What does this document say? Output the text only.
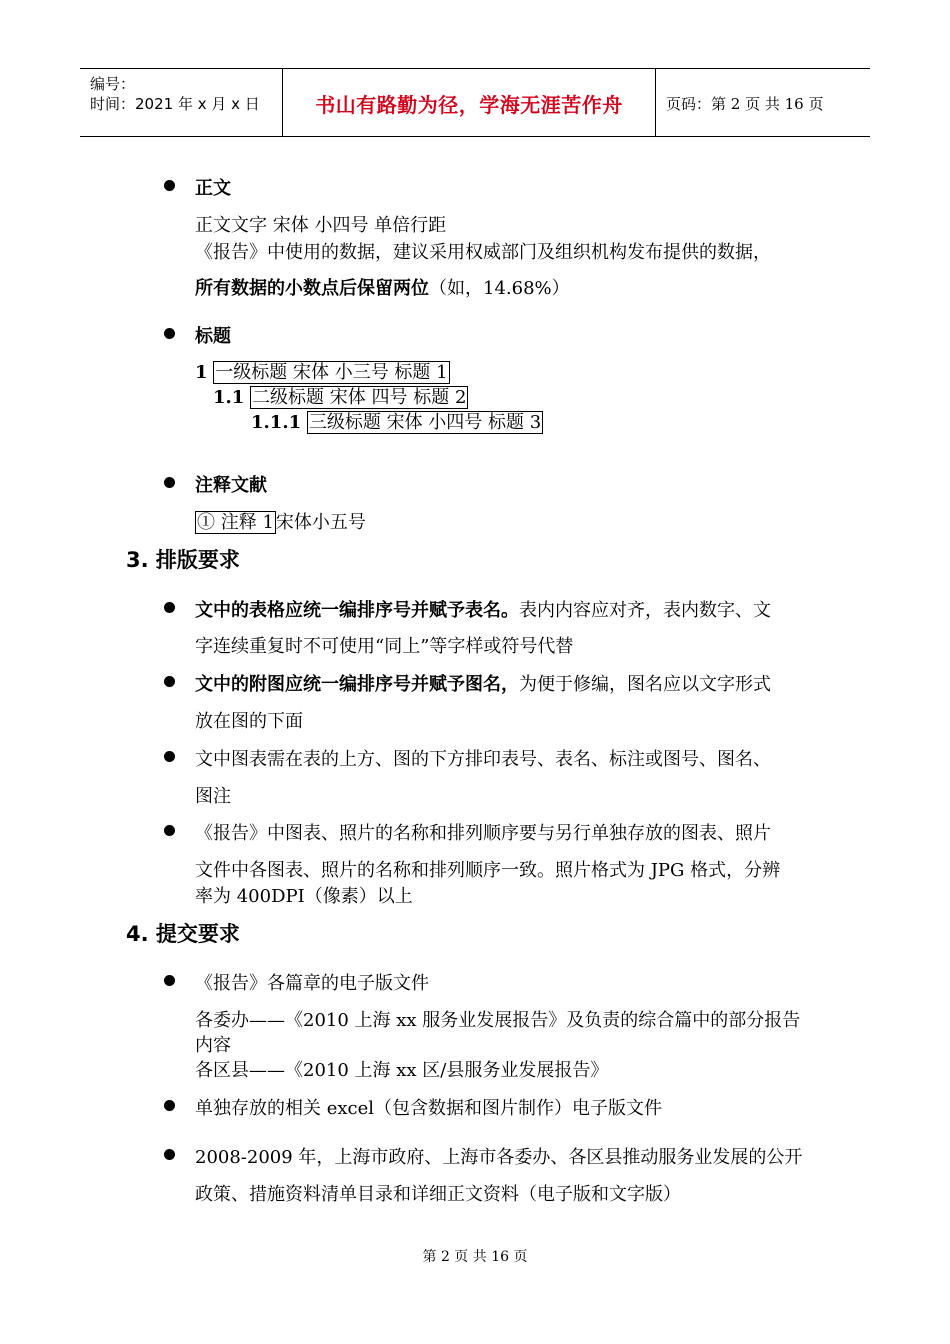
编号：
时间：2021 年 x 月 x 日	书山有路勤为径，学海无涯苦作舟	页码：第 2 页 共 16 页
正文
正文文字 宋体 小四号 单倍行距
《报告》中使用的数据，建议采用权威部门及组织机构发布提供的数据，
所有数据的小数点后保留两位（如，14.68%）
标题
1 一级标题 宋体 小三号 标题 1
1.1 二级标题 宋体 四号 标题 2
1.1.1 三级标题 宋体 小四号 标题 3
注释文献
① 注释 1 宋体小五号
3. 排版要求
文中的表格应统一编排序号并赋予表名。表内内容应对齐，表内数字、文
字连续重复时不可使用“同上”等字样或符号代替
文中的附图应统一编排序号并赋予图名，为便于修编，图名应以文字形式
放在图的下面
文中图表需在表的上方、图的下方排印表号、表名、标注或图号、图名、
图注
《报告》中图表、照片的名称和排列顺序要与另行单独存放的图表、照片
文件中各图表、照片的名称和排列顺序一致。照片格式为 JPG 格式，分辨
率为 400DPI（像素）以上
4. 提交要求
《报告》各篇章的电子版文件
各委办——《2010 上海 xx 服务业发展报告》及负责的综合篇中的部分报告
内容
各区县——《2010 上海 xx 区/县服务业发展报告》
单独存放的相关 excel（包含数据和图片制作）电子版文件
2008-2009 年，上海市政府、上海市各委办、各区县推动服务业发展的公开
政策、措施资料清单目录和详细正文资料（电子版和文字版）
第 2 页 共 16 页
